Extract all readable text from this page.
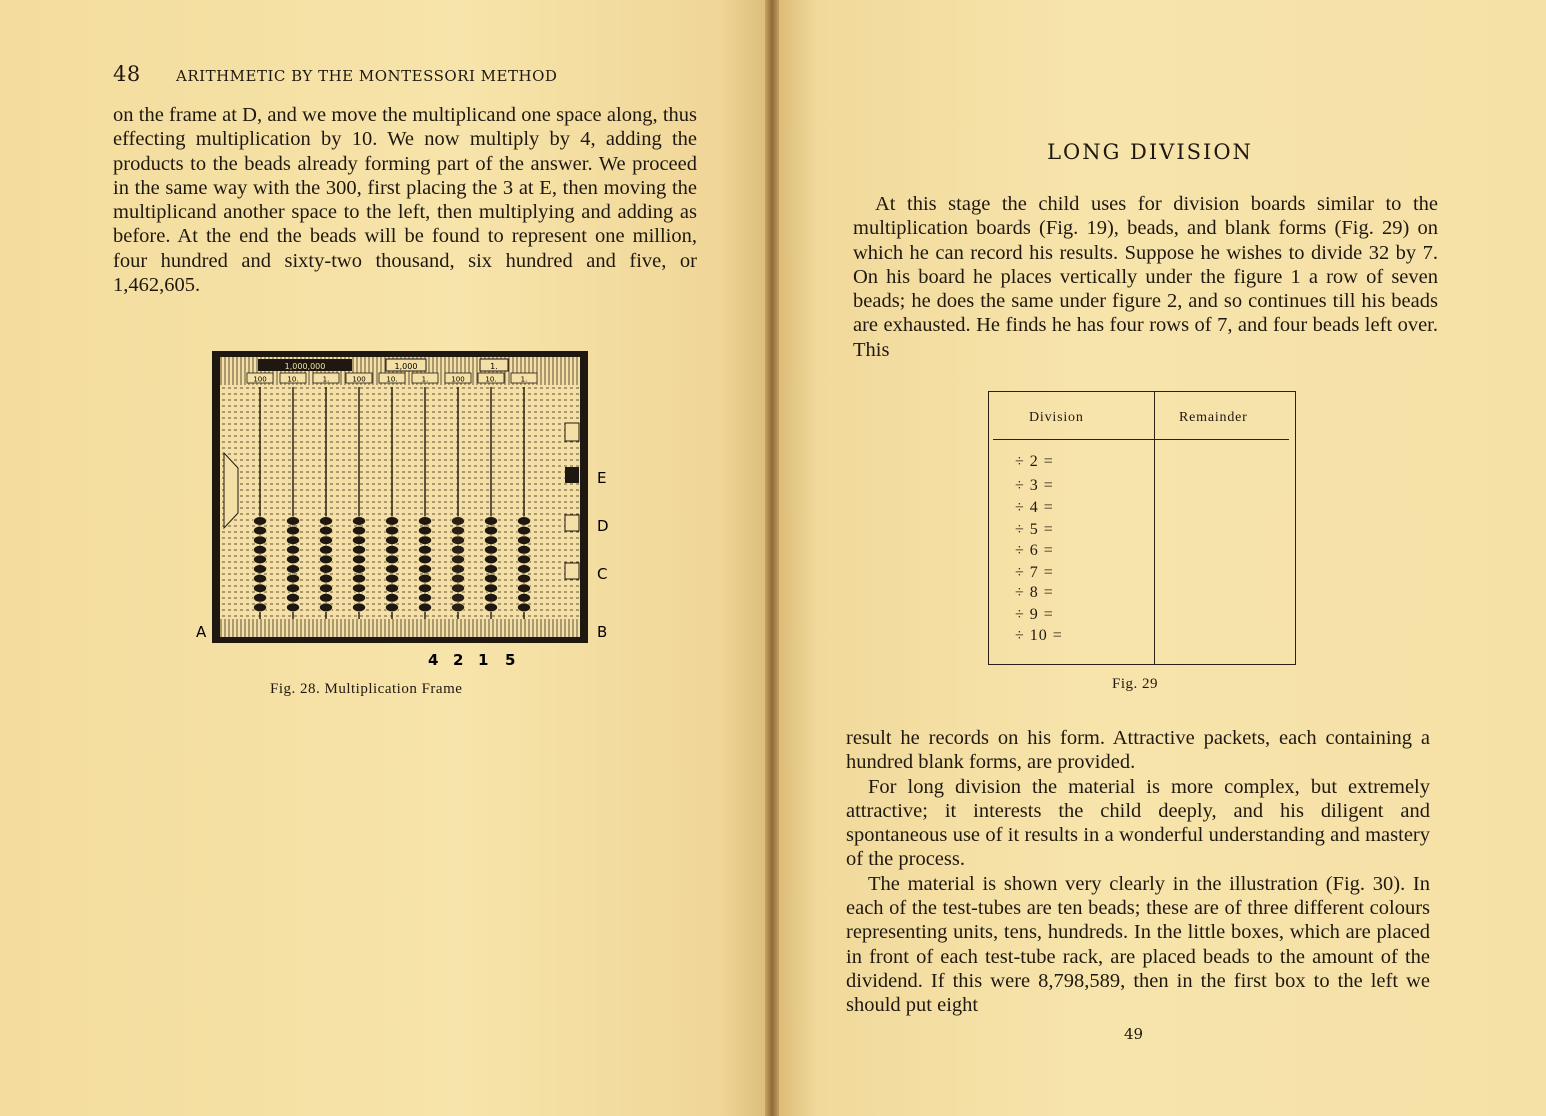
48 ARITHMETIC BY THE MONTESSORI METHOD

on the frame at D, and we move the multiplicand one space along, thus effecting multiplication by 10. We now multiply by 4, adding the products to the beads already forming part of the answer. We proceed in the same way with the 300, first placing the 3 at E, then moving the multiplicand another space to the left, then multiplying and adding as before. At the end the beads will be found to represent one million, four hundred and sixty-two thousand, six hundred and five, or 1,462,605.

1,000,000	1,000	1.
100	10.	1.	100	10.	1.	100	10.	1.
A	B
C
D
E
4 2 1 5
Fig. 28. Multiplication Frame
LONG DIVISION

At this stage the child uses for division boards similar to the multiplication boards (Fig. 19), beads, and blank forms (Fig. 29) on which he can record his results. Suppose he wishes to divide 32 by 7. On his board he places vertically under the figure 1 a row of seven beads; he does the same under figure 2, and so continues till his beads are exhausted. He finds he has four rows of 7, and four beads left over. This

Division	Remainder
÷ 2 =
÷ 3 =
÷ 4 =
÷ 5 =
÷ 6 =
÷ 7 =
÷ 8 =
÷ 9 =
÷ 10 =
Fig. 29

result he records on his form. Attractive packets, each containing a hundred blank forms, are provided.

For long division the material is more complex, but extremely attractive; it interests the child deeply, and his diligent and spontaneous use of it results in a wonderful understanding and mastery of the process.

The material is shown very clearly in the illustration (Fig. 30). In each of the test-tubes are ten beads; these are of three different colours representing units, tens, hundreds. In the little boxes, which are placed in front of each test-tube rack, are placed beads to the amount of the dividend. If this were 8,798,589, then in the first box to the left we should put eight

49
